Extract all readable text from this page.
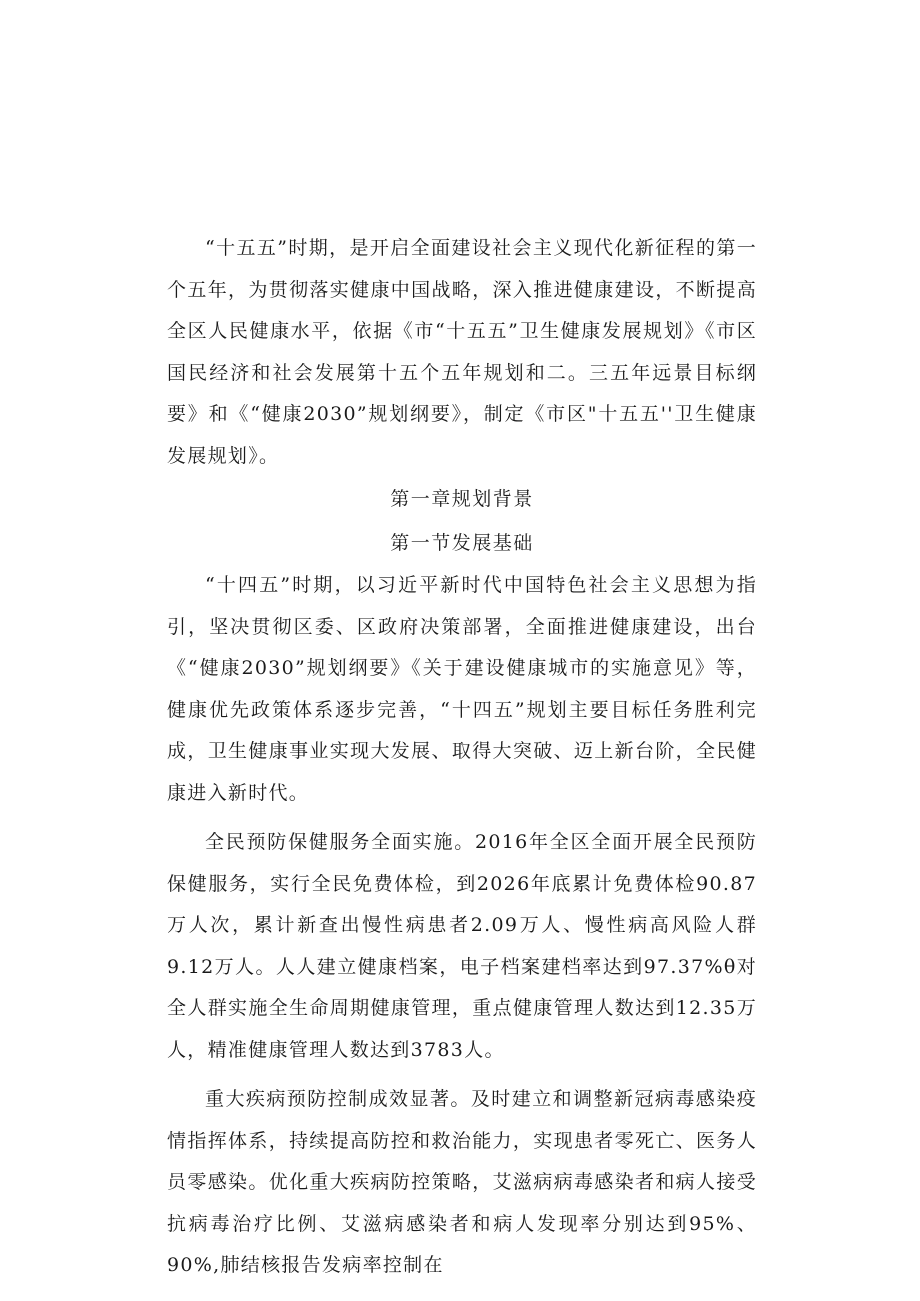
“十五五”时期，是开启全面建设社会主义现代化新征程的第一个五年，为贯彻落实健康中国战略，深入推进健康建设，不断提高全区人民健康水平，依据《市“十五五”卫生健康发展规划》《市区国民经济和社会发展第十五个五年规划和二。三五年远景目标纲要》和《“健康2030”规划纲要》，制定《市区"十五五''卫生健康发展规划》。

第一章规划背景

第一节发展基础

“十四五”时期，以习近平新时代中国特色社会主义思想为指引，坚决贯彻区委、区政府决策部署，全面推进健康建设，出台《“健康2030”规划纲要》《关于建设健康城市的实施意见》等，健康优先政策体系逐步完善，“十四五”规划主要目标任务胜利完成，卫生健康事业实现大发展、取得大突破、迈上新台阶，全民健康进入新时代。

全民预防保健服务全面实施。2016年全区全面开展全民预防保健服务，实行全民免费体检，到2026年底累计免费体检90.87万人次，累计新查出慢性病患者2.09万人、慢性病高风险人群9.12万人。人人建立健康档案，电子档案建档率达到97.37%θ对全人群实施全生命周期健康管理，重点健康管理人数达到12.35万人，精准健康管理人数达到3783人。

重大疾病预防控制成效显著。及时建立和调整新冠病毒感染疫情指挥体系，持续提高防控和救治能力，实现患者零死亡、医务人员零感染。优化重大疾病防控策略，艾滋病病毒感染者和病人接受抗病毒治疗比例、艾滋病感染者和病人发现率分别达到95%、90%,肺结核报告发病率控制在
